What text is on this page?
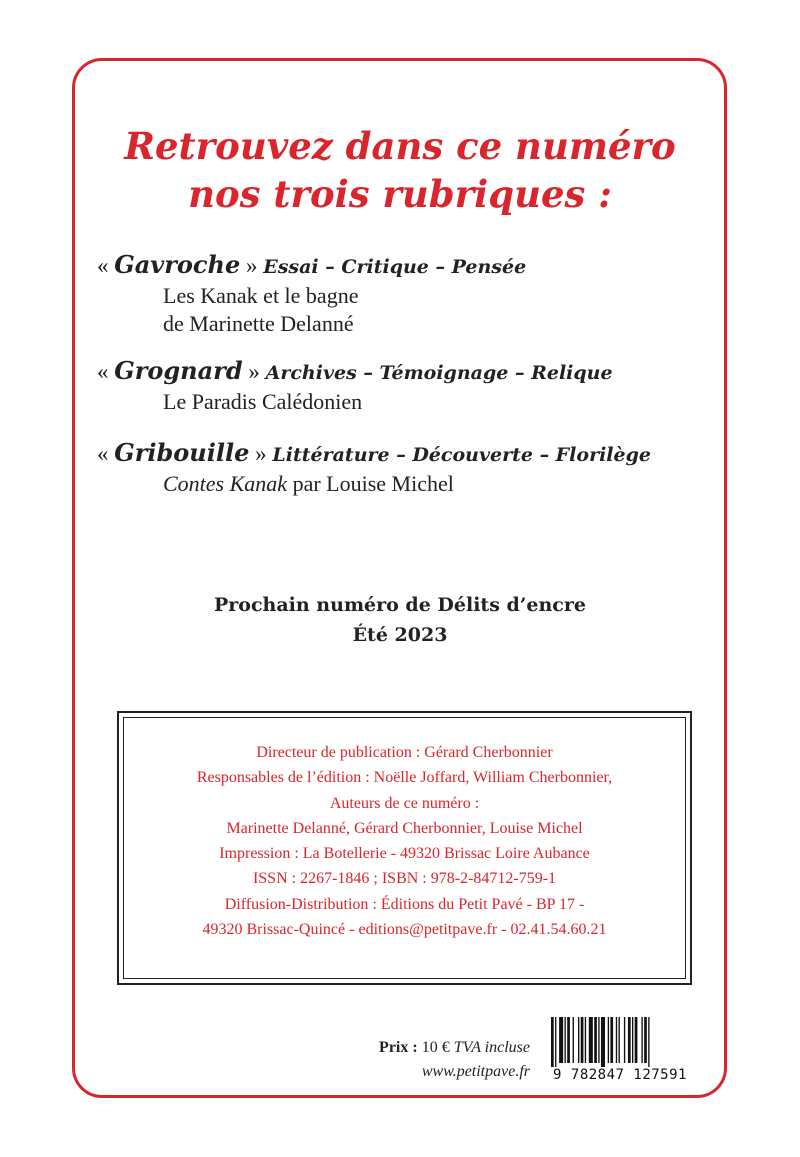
Retrouvez dans ce numéro
nos trois rubriques :
« Gavroche » Essai – Critique – Pensée
Les Kanak et le bagne
de Marinette Delanné
« Grognard » Archives – Témoignage – Relique
Le Paradis Calédonien
« Gribouille » Littérature – Découverte – Florilège
Contes Kanak par Louise Michel
Prochain numéro de Délits d’encre
Été 2023
Directeur de publication : Gérard Cherbonnier
Responsables de l’édition : Noëlle Joffard, William Cherbonnier,
Auteurs de ce numéro :
Marinette Delanné, Gérard Cherbonnier, Louise Michel
Impression : La Botellerie - 49320 Brissac Loire Aubance
ISSN : 2267-1846 ; ISBN : 978-2-84712-759-1
Diffusion-Distribution : Éditions du Petit Pavé - BP 17 -
49320 Brissac-Quincé - editions@petitpave.fr - 02.41.54.60.21
Prix : 10 € TVA incluse
www.petitpave.fr	9 782847 127591
